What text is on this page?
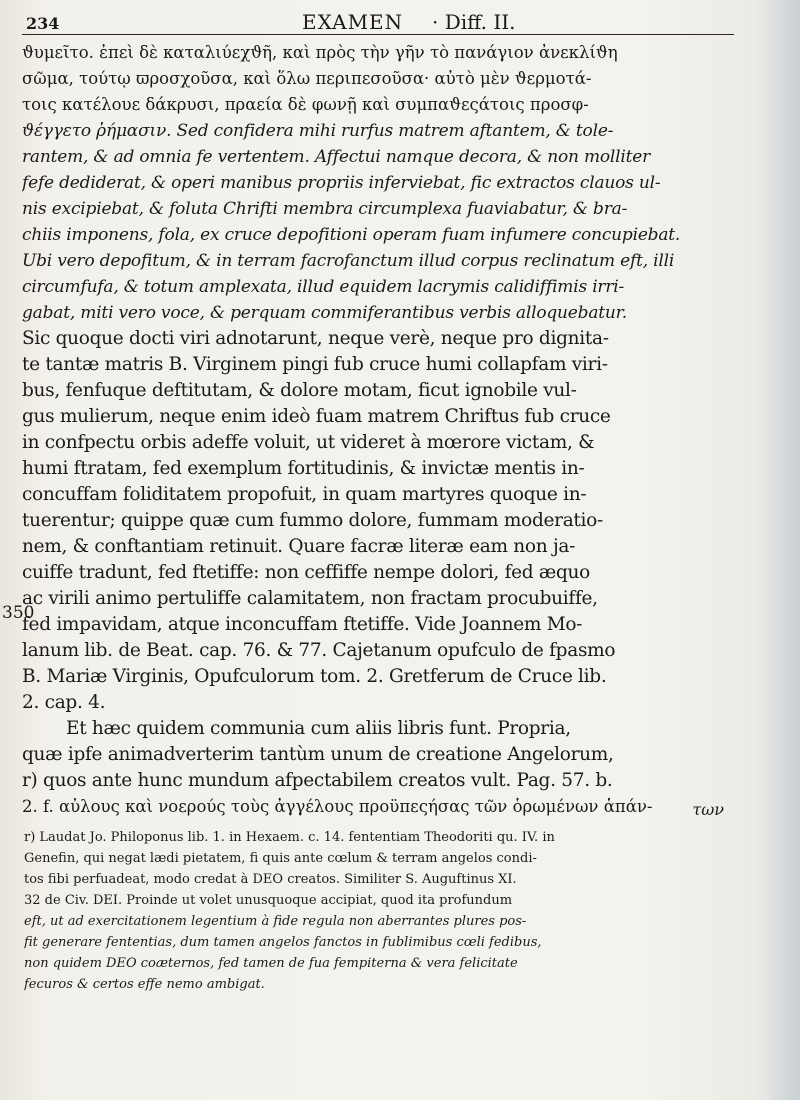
234	EXAMEN · Diff. II.
350
ϑυμεῖτο. ἐπεὶ δὲ καταλιύεχϑῆ, καὶ πρὸς τὴν γῆν τὸ πανάγιον ἀνεκλίϑη
σῶμα, τούτῳ ϖροσχοῦσα, καὶ ὅλω περιπεσοῦσα· αὐτὸ μὲν ϑερμοτά-
τοις κατέλουε δάκρυσι, πραεία δὲ φωνῇ καὶ συμπαϑεςάτοις προσφ-
ϑέγγετο ῥήμασιν. Sed confidera mihi rurfus matrem aftantem, & tole-
rantem, & ad omnia fe vertentem. Affectui namque decora, & non molliter
fefe dediderat, & operi manibus propriis inferviebat, fic extractos clauos ul-
nis excipiebat, & foluta Chrifti membra circumplexa fuaviabatur, & bra-
chiis imponens, fola, ex cruce depofitioni operam fuam infumere concupiebat.
Ubi vero depofitum, & in terram facrofanctum illud corpus reclinatum eft, illi
circumfufa, & totum amplexata, illud equidem lacrymis calidiffimis irri-
gabat, miti vero voce, & perquam commiferantibus verbis alloquebatur.
Sic quoque docti viri adnotarunt, neque verè, neque pro dignita-
te tantæ matris B. Virginem pingi fub cruce humi collapfam viri-
bus, fenfuque deftitutam, & dolore motam, ficut ignobile vul-
gus mulierum, neque enim ideò fuam matrem Chriftus fub cruce
in confpectu orbis adeffe voluit, ut videret à mœrore victam, &
humi ftratam, fed exemplum fortitudinis, & invictæ mentis in-
concuffam foliditatem propofuit, in quam martyres quoque in-
tuerentur; quippe quæ cum fummo dolore, fummam moderatio-
nem, & conftantiam retinuit. Quare facræ literæ eam non ja-
cuiffe tradunt, fed ftetiffe: non ceffiffe nempe dolori, fed æquo
ac virili animo pertuliffe calamitatem, non fractam procubuiffe,
fed impavidam, atque inconcuffam ftetiffe. Vide Joannem Mo-
lanum lib. de Beat. cap. 76. & 77. Cajetanum opufculo de fpasmo
B. Mariæ Virginis, Opufculorum tom. 2. Gretferum de Cruce lib.
2. cap. 4.
Et hæc quidem communia cum aliis libris funt. Propria,
quæ ipfe animadverterim tantùm unum de creatione Angelorum,
r) quos ante hunc mundum afpectabilem creatos vult. Pag. 57. b.
2. f. αὐλους καὶ νοερούς τοὺς ἀγγέλους προϋπεςήσας τῶν ὁρωμένων ἁπάν-	των
r) Laudat Jo. Philoponus lib. 1. in Hexaem. c. 14. fententiam Theodoriti qu. IV. in
Genefin, qui negat lædi pietatem, fi quis ante cœlum & terram angelos condi-
tos fibi perfuadeat, modo credat à DEO creatos. Similiter S. Auguftinus XI.
32 de Civ. DEI. Proinde ut volet unusquoque accipiat, quod ita profundum
eft, ut ad exercitationem legentium à fide regula non aberrantes plures pos-
fit generare fententias, dum tamen angelos fanctos in fublimibus cœli fedibus,
non quidem DEO coæternos, fed tamen de fua fempiterna & vera felicitate
fecuros & certos effe nemo ambigat.
